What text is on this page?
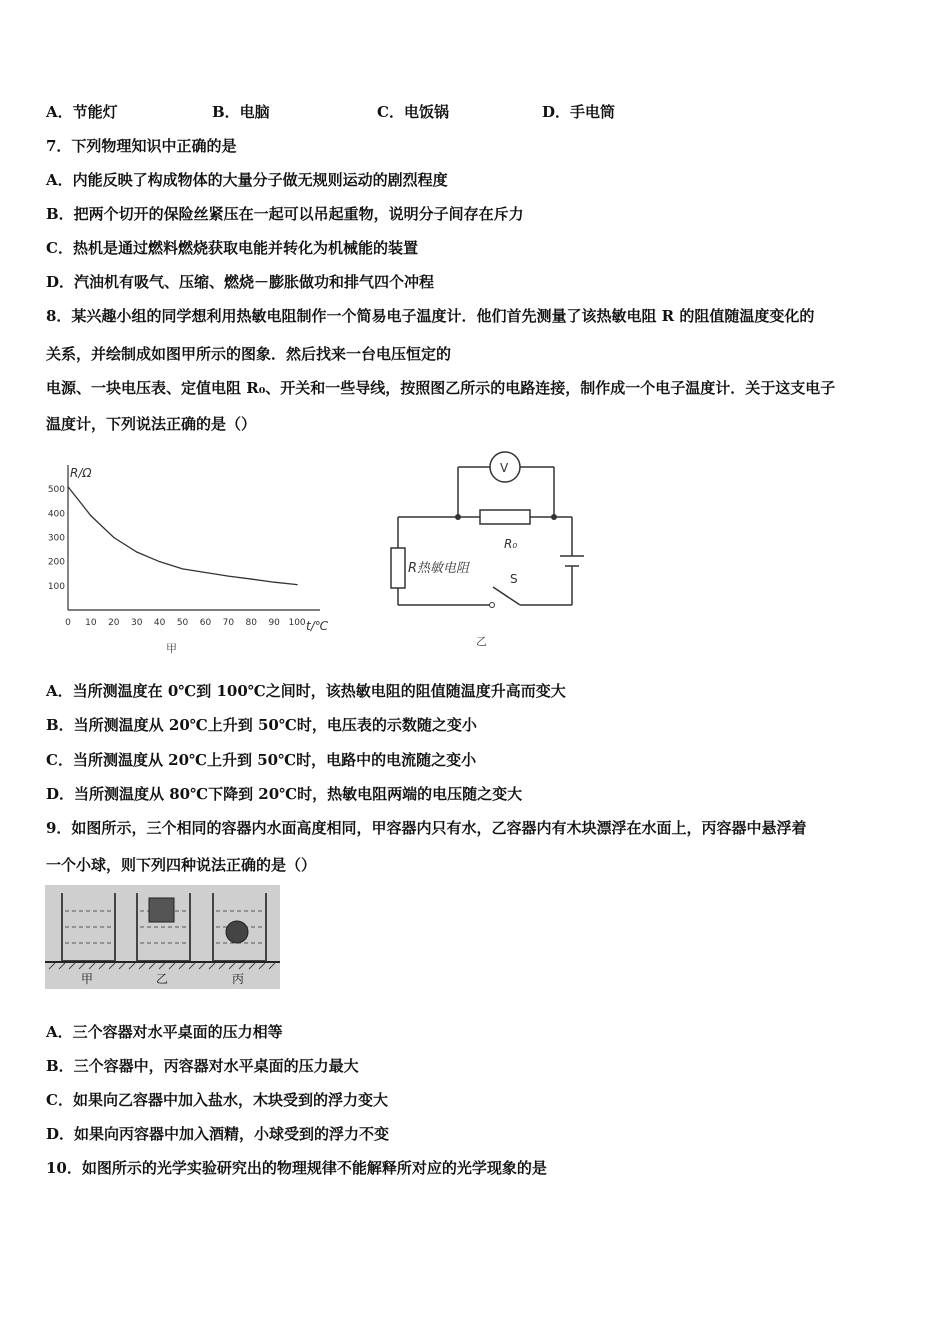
A．节能灯	B．电脑	C．电饭锅	D．手电筒
7．下列物理知识中正确的是
A．内能反映了构成物体的大量分子做无规则运动的剧烈程度
B．把两个切开的保险丝紧压在一起可以吊起重物，说明分子间存在斥力
C．热机是通过燃料燃烧获取电能并转化为机械能的装置
D．汽油机有吸气、压缩、燃烧－膨胀做功和排气四个冲程
8．某兴趣小组的同学想利用热敏电阻制作一个简易电子温度计．他们首先测量了该热敏电阻 R 的阻值随温度变化的
关系，并绘制成如图甲所示的图象．然后找来一台电压恒定的
电源、一块电压表、定值电阻 R₀、开关和一些导线，按照图乙所示的电路连接，制作成一个电子温度计．关于这支电子
温度计，下列说法正确的是（）
R/Ω
t/℃
甲
0 10 20 30 40 50 60 70 80 90 100
100
200
300
400
500
V
R₀
R热敏电阻
S
乙
A．当所测温度在 0℃到 100℃之间时，该热敏电阻的阻值随温度升高而变大
B．当所测温度从 20℃上升到 50℃时，电压表的示数随之变小
C．当所测温度从 20℃上升到 50℃时，电路中的电流随之变小
D．当所测温度从 80℃下降到 20℃时，热敏电阻两端的电压随之变大
9．如图所示，三个相同的容器内水面高度相同，甲容器内只有水，乙容器内有木块漂浮在水面上，丙容器中悬浮着
一个小球，则下列四种说法正确的是（）
甲	乙	丙
A．三个容器对水平桌面的压力相等
B．三个容器中，丙容器对水平桌面的压力最大
C．如果向乙容器中加入盐水，木块受到的浮力变大
D．如果向丙容器中加入酒精，小球受到的浮力不变
10．如图所示的光学实验研究出的物理规律不能解释所对应的光学现象的是
